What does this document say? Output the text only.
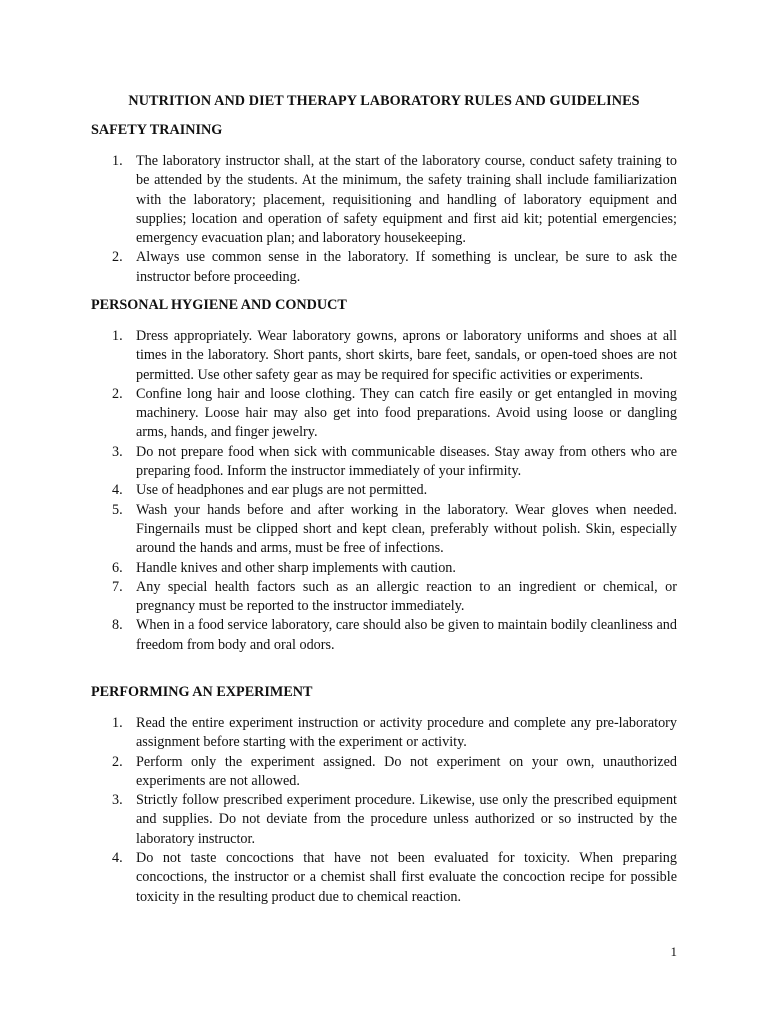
NUTRITION AND DIET THERAPY LABORATORY RULES AND GUIDELINES
SAFETY TRAINING
1. The laboratory instructor shall, at the start of the laboratory course, conduct safety training to be attended by the students. At the minimum, the safety training shall include familiarization with the laboratory; placement, requisitioning and handling of laboratory equipment and supplies; location and operation of safety equipment and first aid kit; potential emergencies; emergency evacuation plan; and laboratory housekeeping.
2. Always use common sense in the laboratory. If something is unclear, be sure to ask the instructor before proceeding.
PERSONAL HYGIENE AND CONDUCT
1. Dress appropriately. Wear laboratory gowns, aprons or laboratory uniforms and shoes at all times in the laboratory. Short pants, short skirts, bare feet, sandals, or open-toed shoes are not permitted. Use other safety gear as may be required for specific activities or experiments.
2. Confine long hair and loose clothing. They can catch fire easily or get entangled in moving machinery. Loose hair may also get into food preparations. Avoid using loose or dangling arms, hands, and finger jewelry.
3. Do not prepare food when sick with communicable diseases. Stay away from others who are preparing food. Inform the instructor immediately of your infirmity.
4. Use of headphones and ear plugs are not permitted.
5. Wash your hands before and after working in the laboratory. Wear gloves when needed. Fingernails must be clipped short and kept clean, preferably without polish. Skin, especially around the hands and arms, must be free of infections.
6. Handle knives and other sharp implements with caution.
7. Any special health factors such as an allergic reaction to an ingredient or chemical, or pregnancy must be reported to the instructor immediately.
8. When in a food service laboratory, care should also be given to maintain bodily cleanliness and freedom from body and oral odors.
PERFORMING AN EXPERIMENT
1. Read the entire experiment instruction or activity procedure and complete any pre-laboratory assignment before starting with the experiment or activity.
2. Perform only the experiment assigned. Do not experiment on your own, unauthorized experiments are not allowed.
3. Strictly follow prescribed experiment procedure. Likewise, use only the prescribed equipment and supplies. Do not deviate from the procedure unless authorized or so instructed by the laboratory instructor.
4. Do not taste concoctions that have not been evaluated for toxicity. When preparing concoctions, the instructor or a chemist shall first evaluate the concoction recipe for possible toxicity in the resulting product due to chemical reaction.
1
